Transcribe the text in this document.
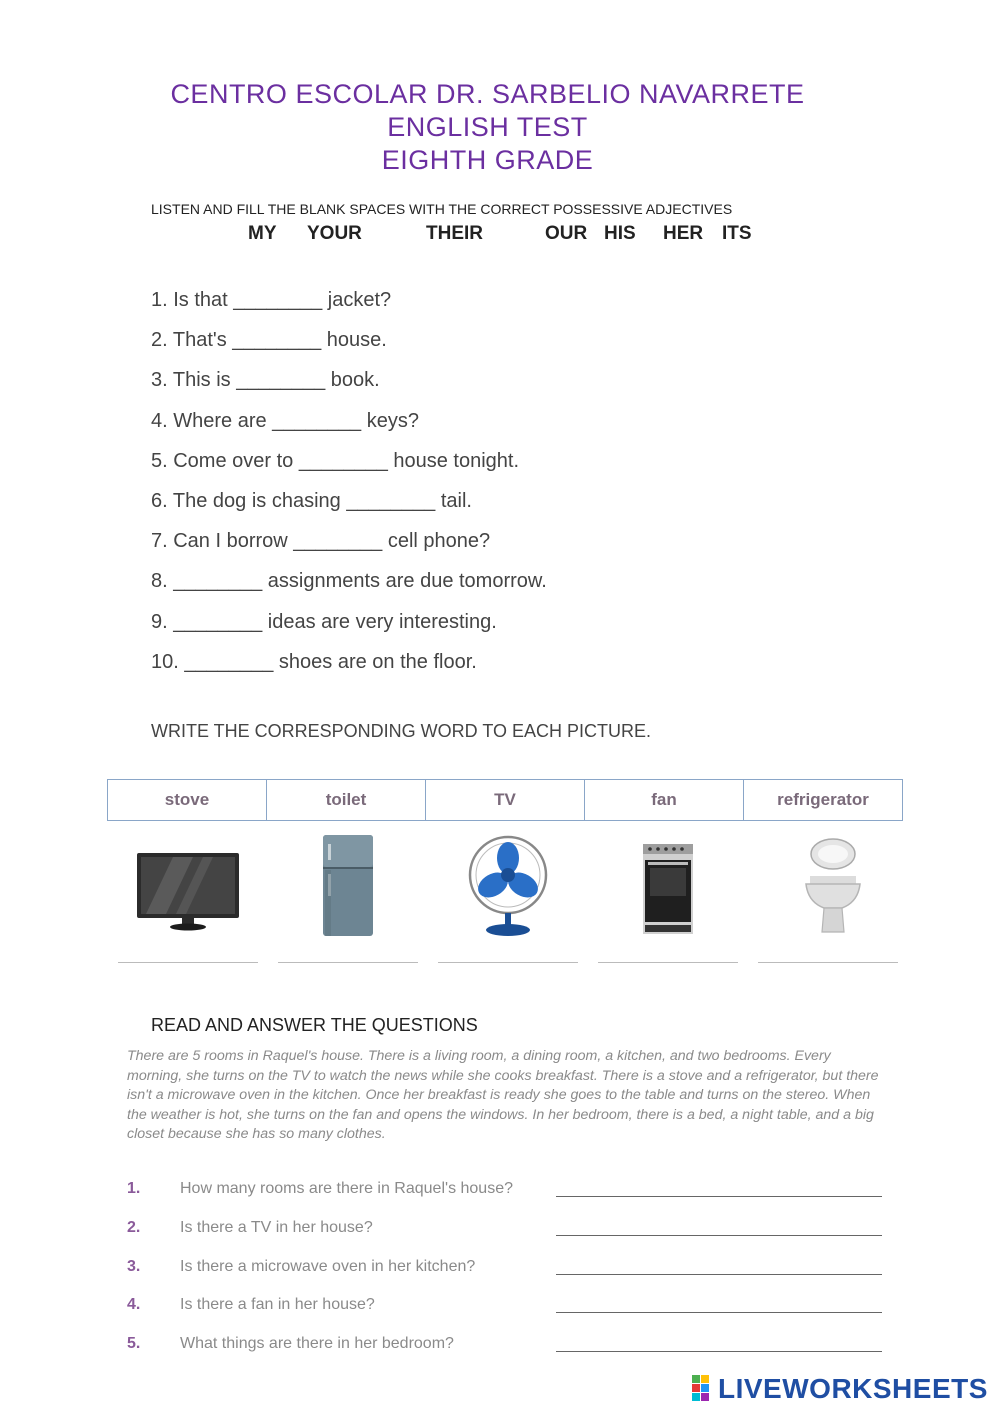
CENTRO ESCOLAR DR. SARBELIO NAVARRETE
ENGLISH TEST
EIGHTH GRADE
LISTEN AND FILL THE BLANK SPACES WITH THE CORRECT POSSESSIVE ADJECTIVES
MY YOUR	THEIR	OUR HIS HER ITS
1. Is that ________ jacket?
2. That's ________ house.
3. This is ________ book.
4. Where are ________ keys?
5. Come over to ________ house tonight.
6. The dog is chasing ________ tail.
7. Can I borrow ________ cell phone?
8. ________ assignments are due tomorrow.
9. ________ ideas are very interesting.
10. ________ shoes are on the floor.
WRITE THE CORRESPONDING WORD TO EACH PICTURE.
stove	toilet	TV	fan	refrigerator
READ AND ANSWER THE QUESTIONS
There are 5 rooms in Raquel's house. There is a living room, a dining room, a kitchen, and two bedrooms. Every morning, she turns on the TV to watch the news while she cooks breakfast. There is a stove and a refrigerator, but there isn't a microwave oven in the kitchen. Once her breakfast is ready she goes to the table and turns on the stereo. When the weather is hot, she turns on the fan and opens the windows. In her bedroom, there is a bed, a night table, and a big closet because she has so many clothes.
1. How many rooms are there in Raquel's house?
2. Is there a TV in her house?
3. Is there a microwave oven in her kitchen?
4. Is there a fan in her house?
5. What things are there in her bedroom?
LIVEWORKSHEETS
